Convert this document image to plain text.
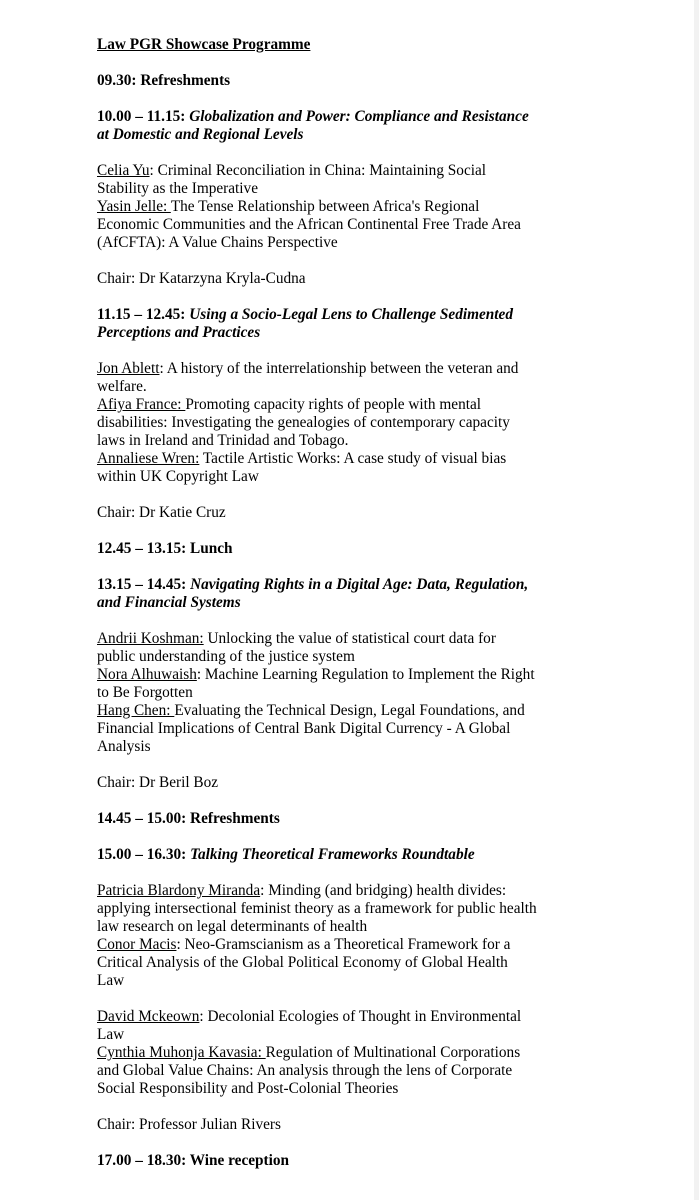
Law PGR Showcase Programme
09.30: Refreshments
10.00 – 11.15: Globalization and Power: Compliance and Resistance at Domestic and Regional Levels
Celia Yu: Criminal Reconciliation in China: Maintaining Social Stability as the Imperative
Yasin Jelle: The Tense Relationship between Africa's Regional Economic Communities and the African Continental Free Trade Area (AfCFTA): A Value Chains Perspective
Chair: Dr Katarzyna Kryla-Cudna
11.15 – 12.45: Using a Socio-Legal Lens to Challenge Sedimented Perceptions and Practices
Jon Ablett: A history of the interrelationship between the veteran and welfare.
Afiya France: Promoting capacity rights of people with mental disabilities: Investigating the genealogies of contemporary capacity laws in Ireland and Trinidad and Tobago.
Annaliese Wren: Tactile Artistic Works: A case study of visual bias within UK Copyright Law
Chair: Dr Katie Cruz
12.45 – 13.15: Lunch
13.15 – 14.45: Navigating Rights in a Digital Age: Data, Regulation, and Financial Systems
Andrii Koshman: Unlocking the value of statistical court data for public understanding of the justice system
Nora Alhuwaish: Machine Learning Regulation to Implement the Right to Be Forgotten
Hang Chen: Evaluating the Technical Design, Legal Foundations, and Financial Implications of Central Bank Digital Currency - A Global Analysis
Chair: Dr Beril Boz
14.45 – 15.00: Refreshments
15.00 – 16.30: Talking Theoretical Frameworks Roundtable
Patricia Blardony Miranda: Minding (and bridging) health divides: applying intersectional feminist theory as a framework for public health law research on legal determinants of health
Conor Macis: Neo-Gramscianism as a Theoretical Framework for a Critical Analysis of the Global Political Economy of Global Health Law
David Mckeown: Decolonial Ecologies of Thought in Environmental Law
Cynthia Muhonja Kavasia: Regulation of Multinational Corporations and Global Value Chains: An analysis through the lens of Corporate Social Responsibility and Post-Colonial Theories
Chair: Professor Julian Rivers
17.00 – 18.30: Wine reception
